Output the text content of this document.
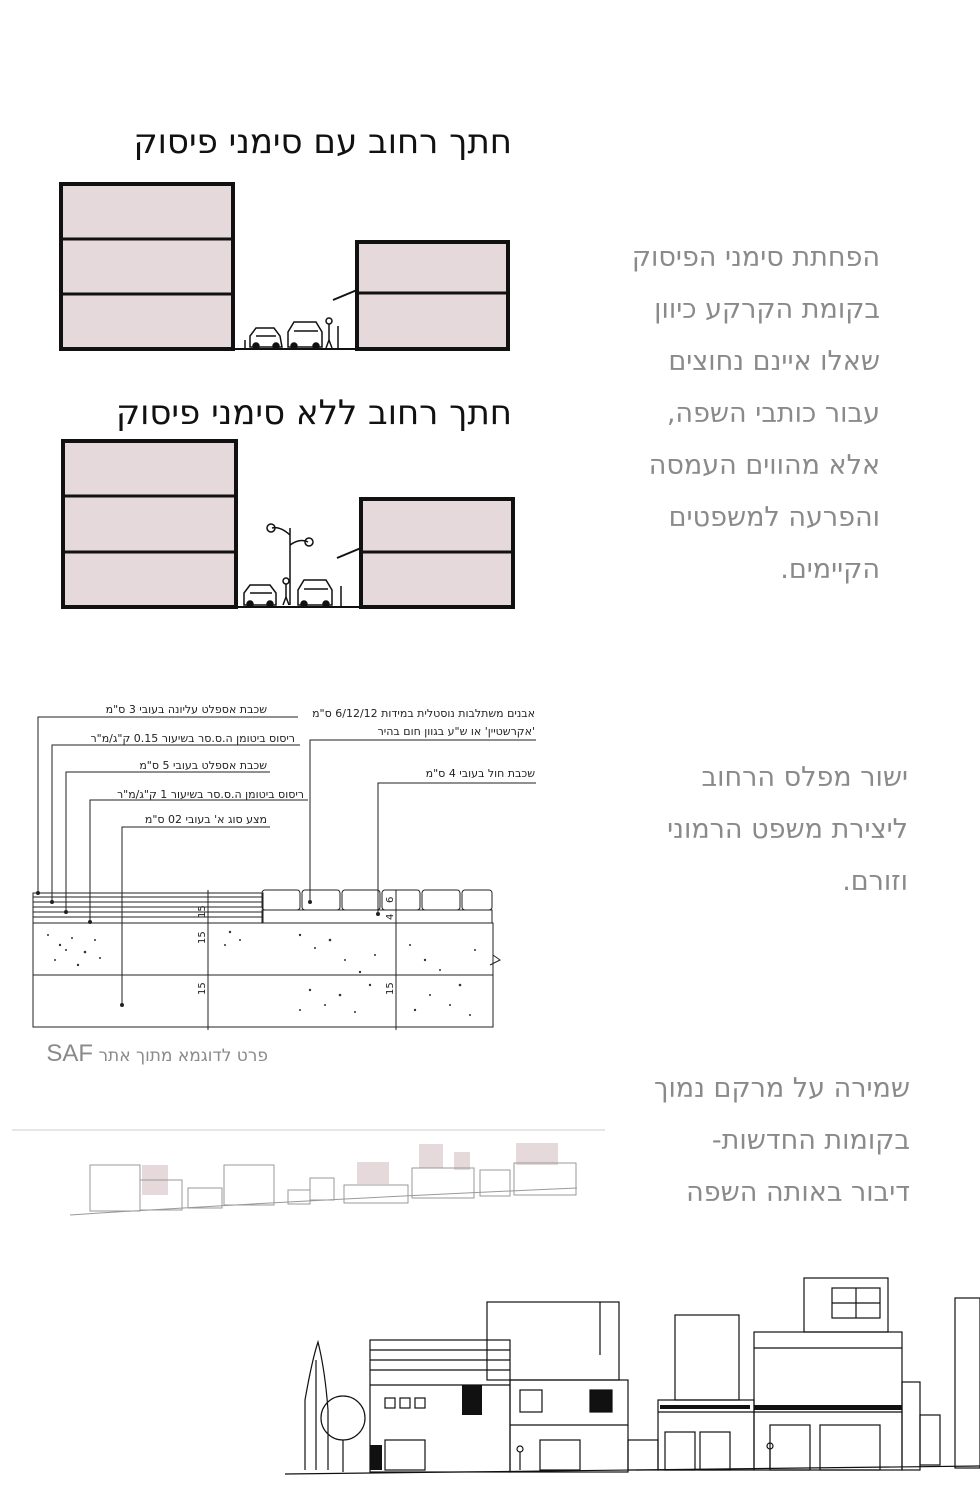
חתך רחוב עם סימני פיסוק
חתך רחוב ללא סימני פיסוק
הפחתת סימני הפיסוק
בקומת הקרקע כיוון
שאלו איינם נחוצים
עבור כותבי השפה,
אלא מהווים העמסה
והפרעה למשפטים
הקיימים.
שכבת אספלט עליונה בעובי 3 ס"מ
ריסוס ביטומן ה.ס.סר בשיעור 0.15 ק"ג/מ"ר
שכבת אספלט בעובי 5 ס"מ
ריסוס ביטומן ה.ס.סר בשיעור 1 ק"ג/מ"ר
מצע סוג א' בעובי 02 ס"מ
אבנים משתלבות נוסטלית במידות 6/12/12 ס"מ
'אקרשטיין' או ש"ע בגוון חום בהיר
שכבת חול בעובי 4 ס"מ
15
15
15	15
6
4
פרט לדוגמא מתוך אתר SAF
ישור מפלס הרחוב
ליצירת משפט הרמוני
וזורם.
שמירה על מרקם נמוך
בקומות החדשות-
דיבור באותה השפה
